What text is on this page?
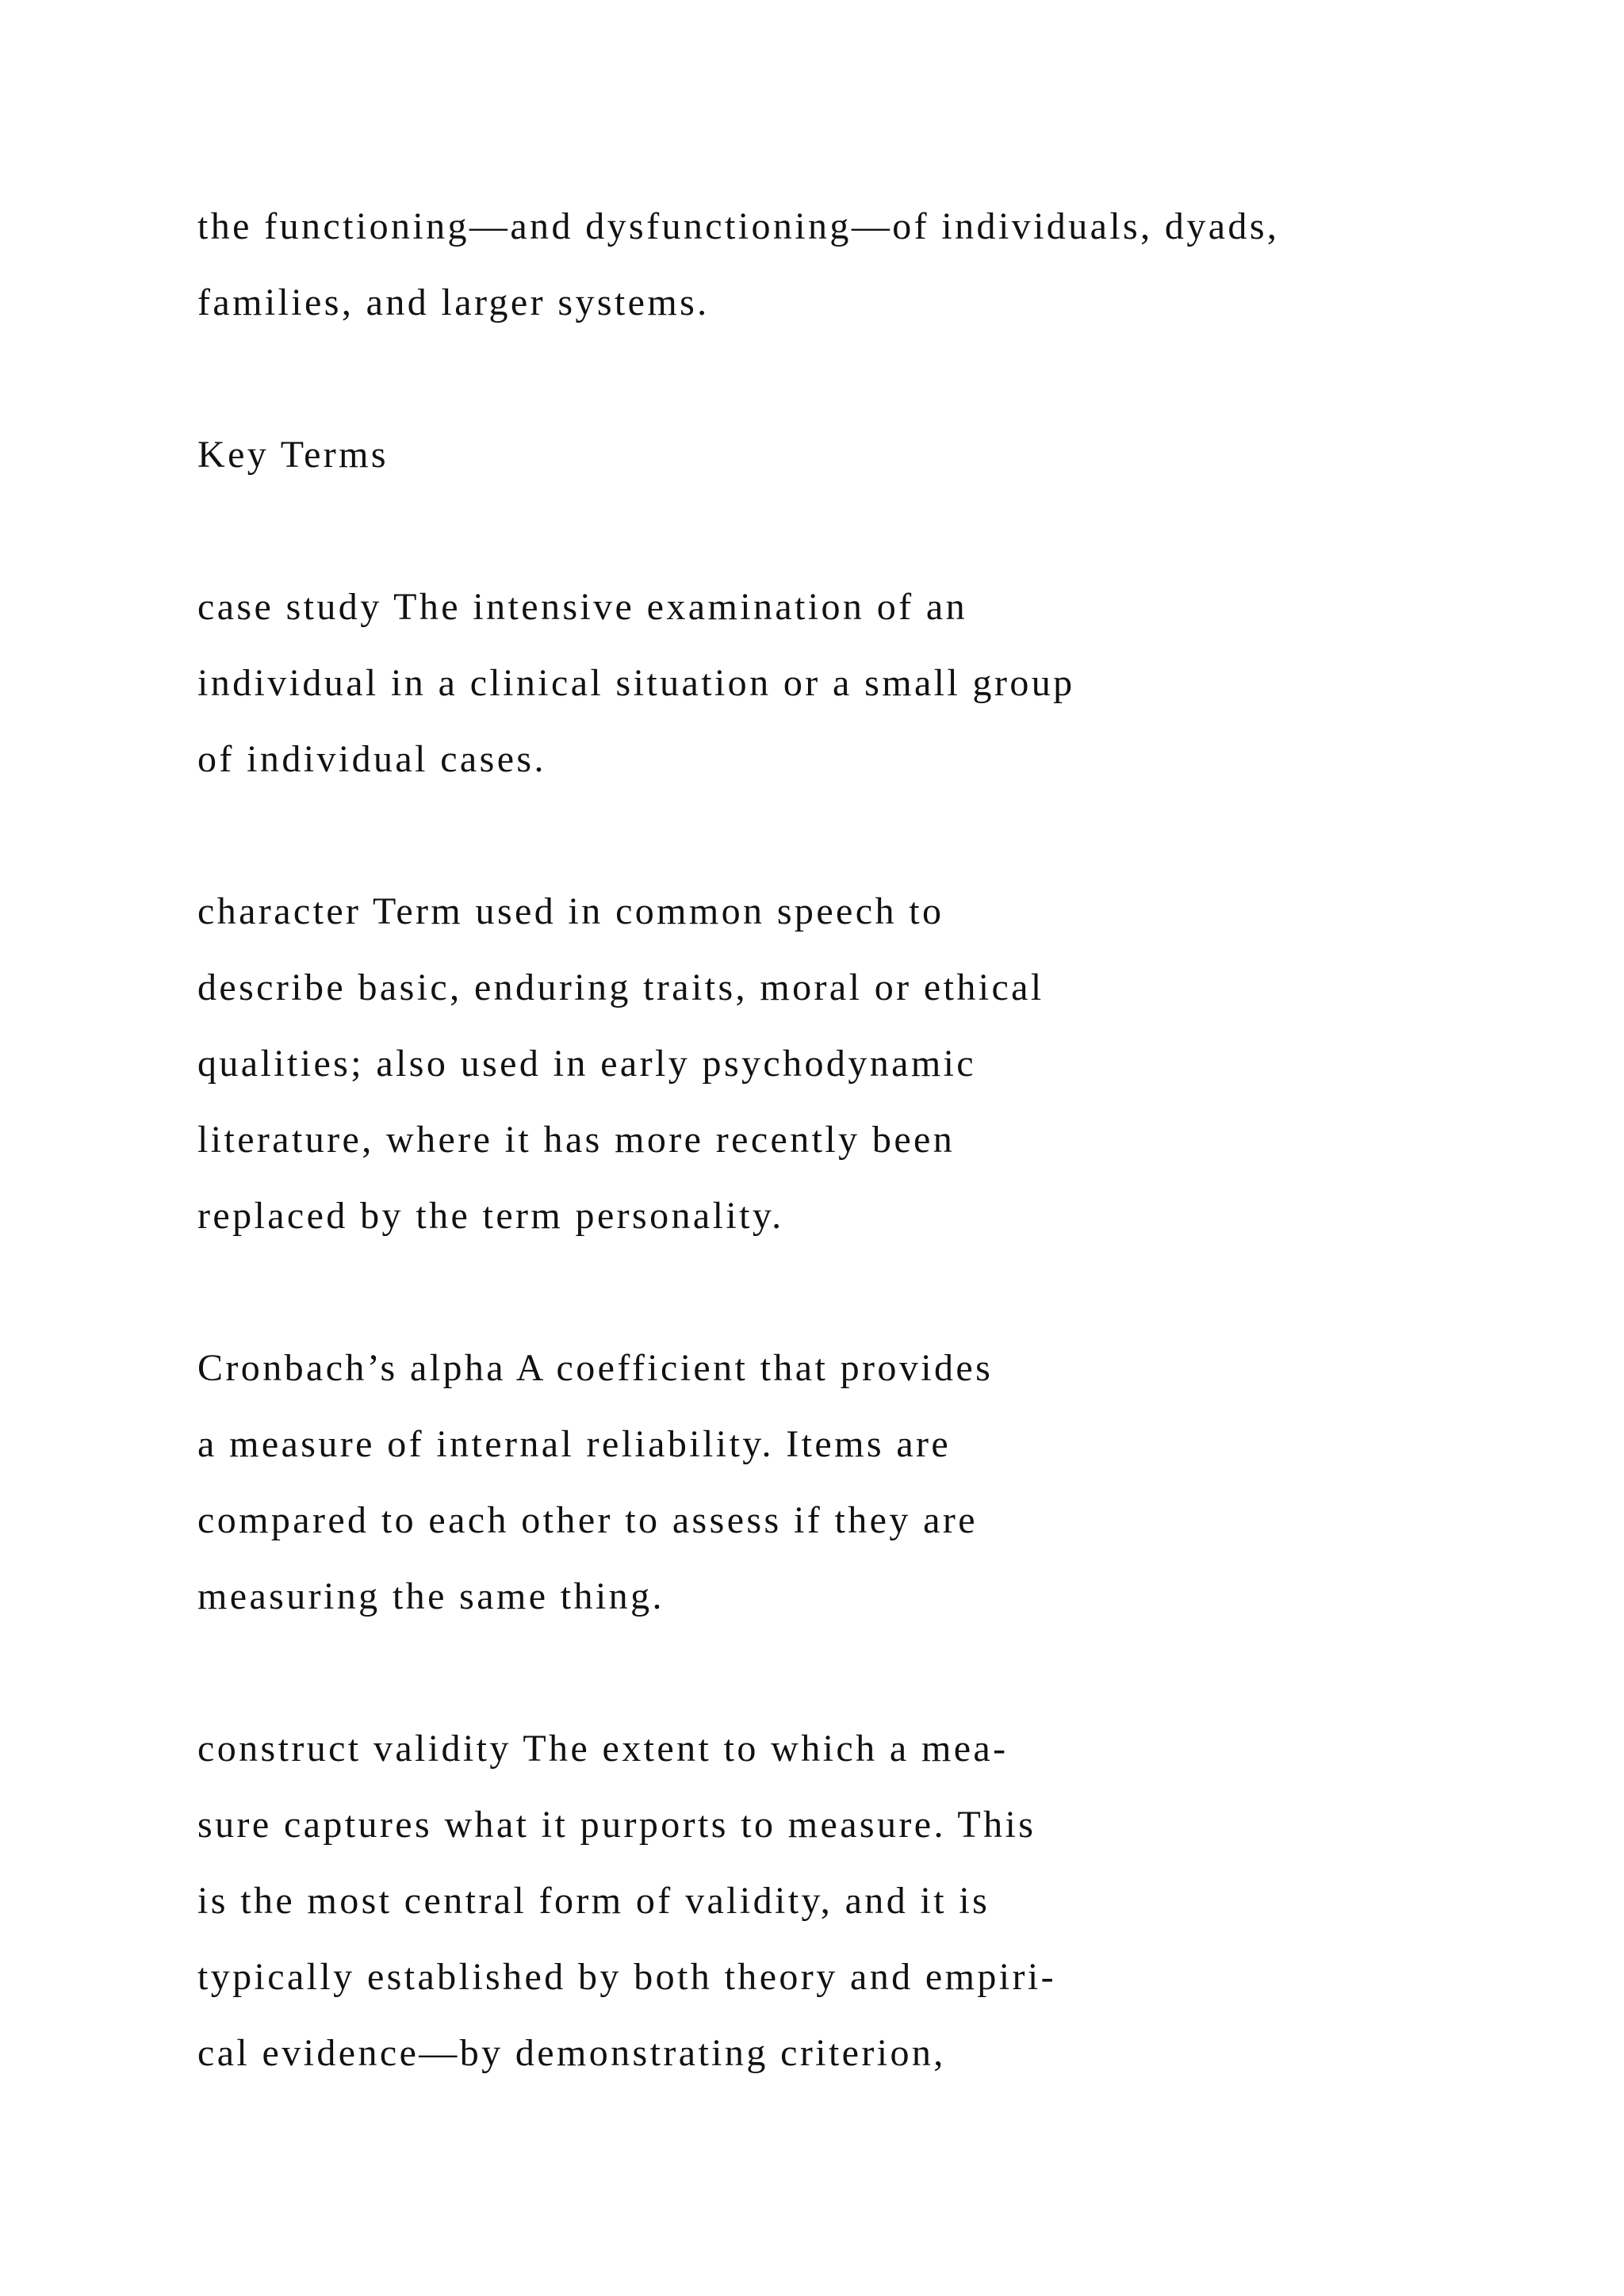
the functioning—and dysfunctioning—of individuals, dyads,
families, and larger systems.
Key Terms
case study The intensive examination of an
individual in a clinical situation or a small group
of individual cases.
character Term used in common speech to
describe basic, enduring traits, moral or ethical
qualities; also used in early psychodynamic
literature, where it has more recently been
replaced by the term personality.
Cronbach’s alpha A coefficient that provides
a measure of internal reliability. Items are
compared to each other to assess if they are
measuring the same thing.
construct validity The extent to which a mea-
sure captures what it purports to measure. This
is the most central form of validity, and it is
typically established by both theory and empiri-
cal evidence—by demonstrating criterion,
